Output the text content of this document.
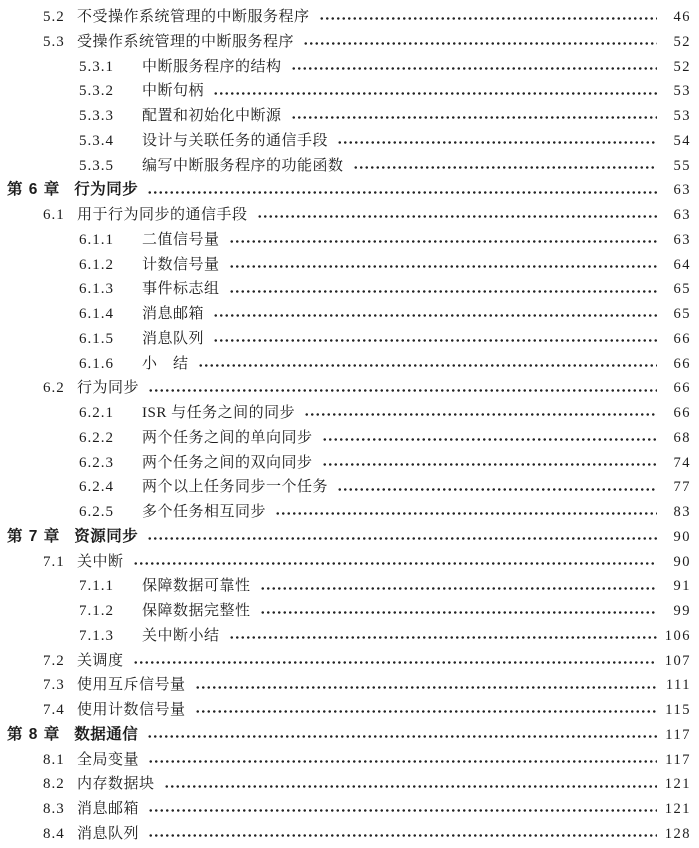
5.2 不受操作系统管理的中断服务程序	46
5.3 受操作系统管理的中断服务程序	52
5.3.1	中断服务程序的结构	52
5.3.2	中断句柄	53
5.3.3	配置和初始化中断源	53
5.3.4	设计与关联任务的通信手段	54
5.3.5	编写中断服务程序的功能函数	55
第 6 章 行为同步	63
6.1 用于行为同步的通信手段	63
6.1.1	二值信号量	63
6.1.2	计数信号量	64
6.1.3	事件标志组	65
6.1.4	消息邮箱	65
6.1.5	消息队列	66
6.1.6	小　结	66
6.2 行为同步	66
6.2.1	ISR 与任务之间的同步	66
6.2.2	两个任务之间的单向同步	68
6.2.3	两个任务之间的双向同步	74
6.2.4	两个以上任务同步一个任务	77
6.2.5	多个任务相互同步	83
第 7 章 资源同步	90
7.1 关中断	90
7.1.1	保障数据可靠性	91
7.1.2	保障数据完整性	99
7.1.3	关中断小结	106
7.2 关调度	107
7.3 使用互斥信号量	111
7.4 使用计数信号量	115
第 8 章 数据通信	117
8.1 全局变量	117
8.2 内存数据块	121
8.3 消息邮箱	121
8.4 消息队列	128
